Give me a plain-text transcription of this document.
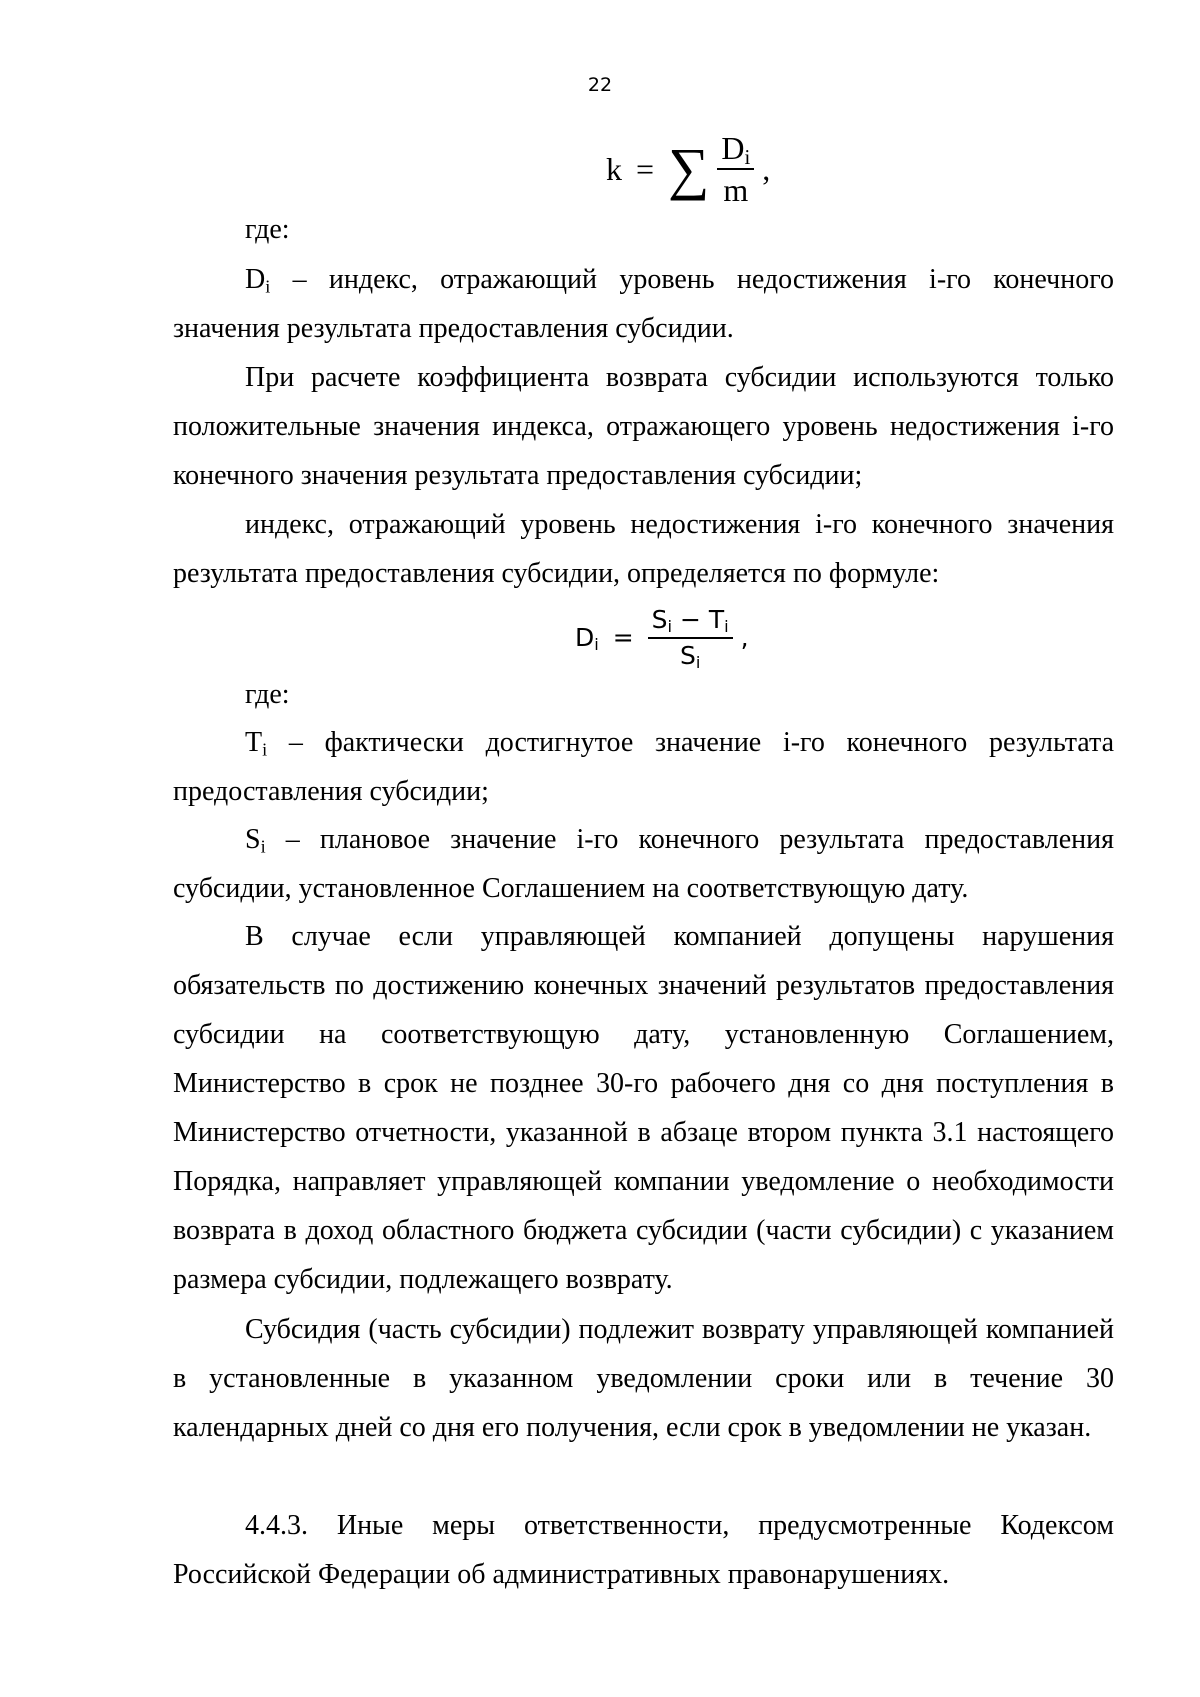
22
k = ∑ $\frac{D_i}{m}$ ,

где:

$D_i$ – индекс, отражающий уровень недостижения i-го конечного значения результата предоставления субсидии.

При расчете коэффициента возврата субсидии используются только положительные значения индекса, отражающего уровень недостижения i-го конечного значения результата предоставления субсидии;

индекс, отражающий уровень недостижения i-го конечного значения результата предоставления субсидии, определяется по формуле:

$D_i = \frac{S_i - T_i}{S_i}$ ,

где:

$T_i$ – фактически достигнутое значение i-го конечного результата предоставления субсидии;

$S_i$ – плановое значение i-го конечного результата предоставления субсидии, установленное Соглашением на соответствующую дату.

В случае если управляющей компанией допущены нарушения обязательств по достижению конечных значений результатов предоставления субсидии на соответствующую дату, установленную Соглашением, Министерство в срок не позднее 30-го рабочего дня со дня поступления в Министерство отчетности, указанной в абзаце втором пункта 3.1 настоящего Порядка, направляет управляющей компании уведомление о необходимости возврата в доход областного бюджета субсидии (части субсидии) с указанием размера субсидии, подлежащего возврату.

Субсидия (часть субсидии) подлежит возврату управляющей компанией в установленные в указанном уведомлении сроки или в течение 30 календарных дней со дня его получения, если срок в уведомлении не указан.

4.4.3. Иные меры ответственности, предусмотренные Кодексом Российской Федерации об административных правонарушениях.
